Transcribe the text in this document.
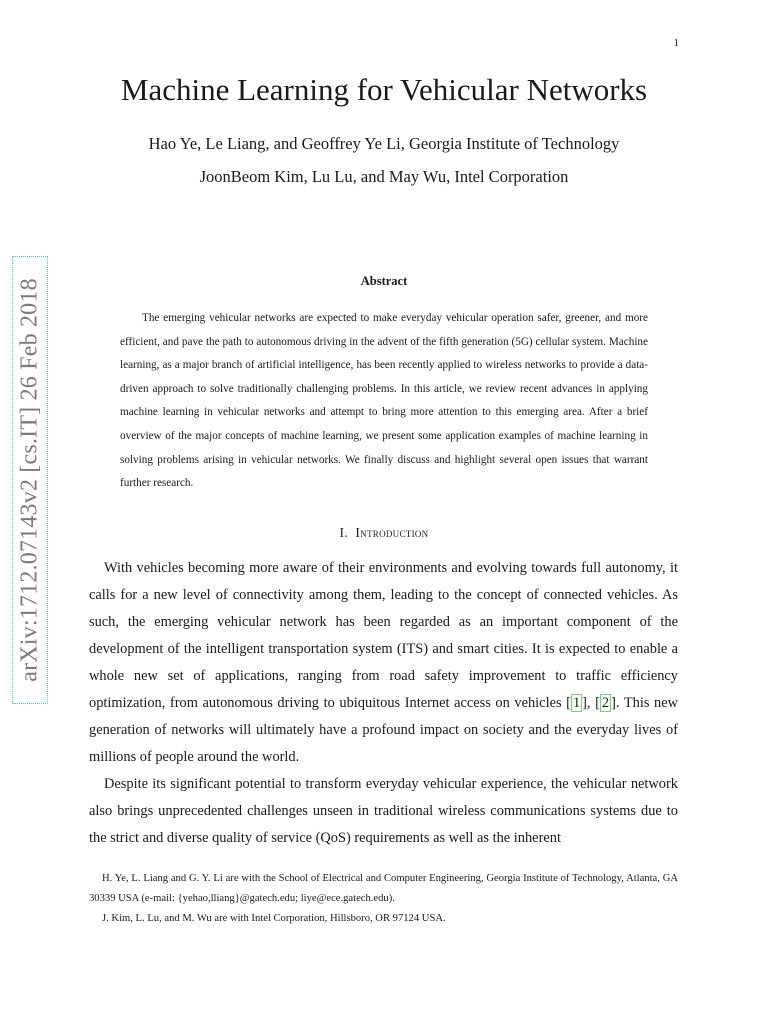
1
arXiv:1712.07143v2 [cs.IT] 26 Feb 2018
Machine Learning for Vehicular Networks
Hao Ye, Le Liang, and Geoffrey Ye Li, Georgia Institute of Technology
JoonBeom Kim, Lu Lu, and May Wu, Intel Corporation
Abstract

The emerging vehicular networks are expected to make everyday vehicular operation safer, greener, and more efficient, and pave the path to autonomous driving in the advent of the fifth generation (5G) cellular system. Machine learning, as a major branch of artificial intelligence, has been recently applied to wireless networks to provide a data-driven approach to solve traditionally challenging problems. In this article, we review recent advances in applying machine learning in vehicular networks and attempt to bring more attention to this emerging area. After a brief overview of the major concepts of machine learning, we present some application examples of machine learning in solving problems arising in vehicular networks. We finally discuss and highlight several open issues that warrant further research.

I. Introduction

With vehicles becoming more aware of their environments and evolving towards full autonomy, it calls for a new level of connectivity among them, leading to the concept of connected vehicles. As such, the emerging vehicular network has been regarded as an important component of the development of the intelligent transportation system (ITS) and smart cities. It is expected to enable a whole new set of applications, ranging from road safety improvement to traffic efficiency optimization, from autonomous driving to ubiquitous Internet access on vehicles [ 1 ], [ 2 ]. This new generation of networks will ultimately have a profound impact on society and the everyday lives of millions of people around the world.

Despite its significant potential to transform everyday vehicular experience, the vehicular network also brings unprecedented challenges unseen in traditional wireless communications systems due to the strict and diverse quality of service (QoS) requirements as well as the inherent

H. Ye, L. Liang and G. Y. Li are with the School of Electrical and Computer Engineering, Georgia Institute of Technology, Atlanta, GA 30339 USA (e-mail: {yehao,lliang}@gatech.edu; liye@ece.gatech.edu).

J. Kim, L. Lu, and M. Wu are with Intel Corporation, Hillsboro, OR 97124 USA.
